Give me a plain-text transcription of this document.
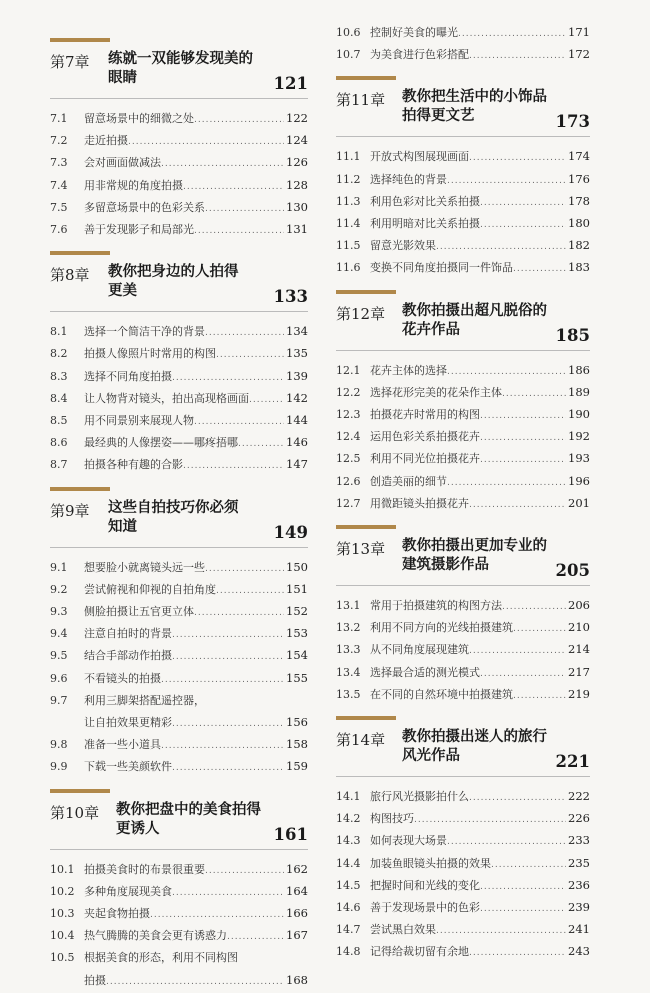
第7章 练就一双能够发现美的
眼睛	121
7.1	留意场景中的细微之处 .....	122
7.2	走近拍摄 .....	124
7.3	会对画面做减法 .....	126
7.4	用非常规的角度拍摄 .....	128
7.5	多留意场景中的色彩关系 .....	130
7.6	善于发现影子和局部光 .....	131
第8章 教你把身边的人拍得
更美	133
8.1	选择一个简洁干净的背景 .....	134
8.2	拍摄人像照片时常用的构图 .....	135
8.3	选择不同角度拍摄 .....	139
8.4	让人物背对镜头，拍出高现格画面 .....	142
8.5	用不同景别来展现人物 .....	144
8.6	最经典的人像摆姿——哪疼捂哪 .....	146
8.7	拍摄各种有趣的合影 .....	147
第9章 这些自拍技巧你必须
知道	149
9.1	想要脸小就离镜头远一些 .....	150
9.2	尝试俯视和仰视的自拍角度 .....	151
9.3	侧脸拍摄让五官更立体 .....	152
9.4	注意自拍时的背景 .....	153
9.5	结合手部动作拍摄 .....	154
9.6	不看镜头的拍摄 .....	155
9.7	利用三脚架搭配遥控器，
让自拍效果更精彩 .....	156
9.8	准备一些小道具 .....	158
9.9	下载一些美颜软件 .....	159
第10章 教你把盘中的美食拍得
更诱人	161
10.1 拍摄美食时的布景很重要 .....	162
10.2 多种角度展现美食 .....	164
10.3 夹起食物拍摄 .....	166
10.4 热气腾腾的美食会更有诱惑力 .....	167
10.5 根据美食的形态，利用不同构图
拍摄 .....	168
10.6 控制好美食的曝光 .....	171
10.7 为美食进行色彩搭配 .....	172
第11章 教你把生活中的小饰品
拍得更文艺	173
11.1 开放式构图展现画面 .....	174
11.2 选择纯色的背景 .....	176
11.3 利用色彩对比关系拍摄 .....	178
11.4 利用明暗对比关系拍摄 .....	180
11.5 留意光影效果 .....	182
11.6 变换不同角度拍摄同一件饰品 .....	183
第12章 教你拍摄出超凡脱俗的
花卉作品	185
12.1 花卉主体的选择 .....	186
12.2 选择花形完美的花朵作主体 .....	189
12.3 拍摄花卉时常用的构图 .....	190
12.4 运用色彩关系拍摄花卉 .....	192
12.5 利用不同光位拍摄花卉 .....	193
12.6 创造美丽的细节 .....	196
12.7 用微距镜头拍摄花卉 .....	201
第13章 教你拍摄出更加专业的
建筑摄影作品	205
13.1 常用于拍摄建筑的构图方法 .....	206
13.2 利用不同方向的光线拍摄建筑 .....	210
13.3 从不同角度展现建筑 .....	214
13.4 选择最合适的测光模式 .....	217
13.5 在不同的自然环境中拍摄建筑 .....	219
第14章 教你拍摄出迷人的旅行
风光作品	221
14.1 旅行风光摄影拍什么 .....	222
14.2 构图技巧 .....	226
14.3 如何表现大场景 .....	233
14.4 加装鱼眼镜头拍摄的效果 .....	235
14.5 把握时间和光线的变化 .....	236
14.6 善于发现场景中的色彩 .....	239
14.7 尝试黑白效果 .....	241
14.8 记得给裁切留有余地 .....	243
